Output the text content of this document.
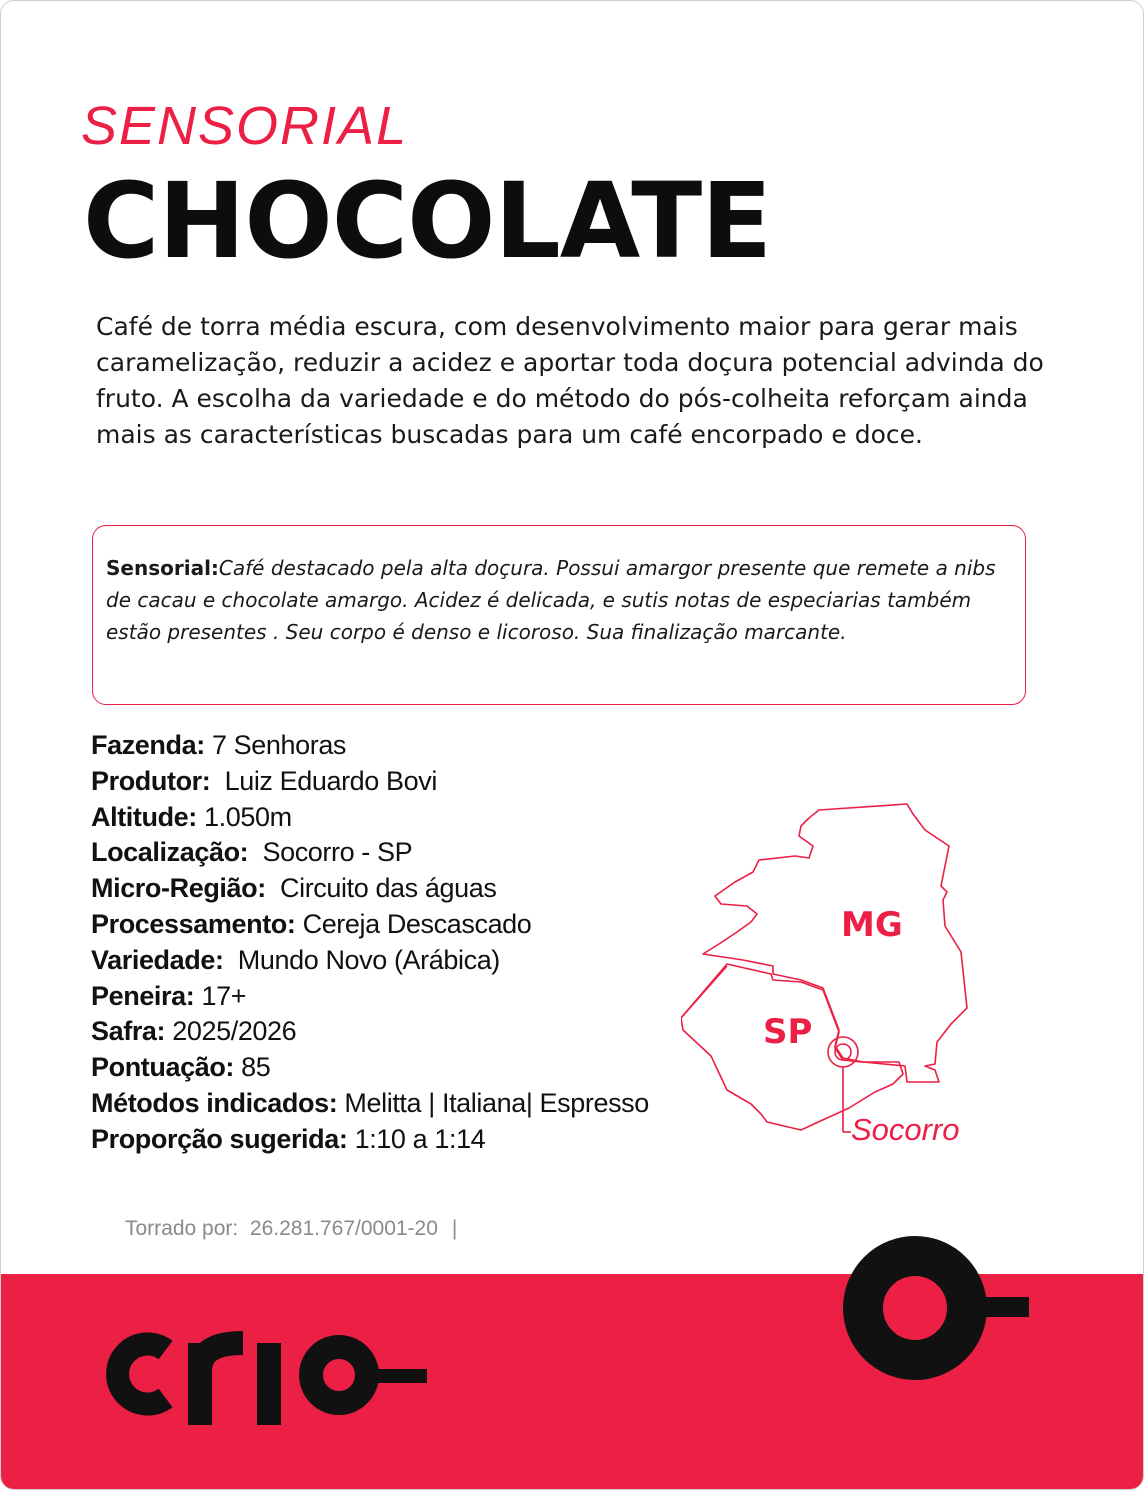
SENSORIAL
CHOCOLATE

Café de torra média escura, com desenvolvimento maior para gerar mais caramelização, reduzir a acidez e aportar toda doçura potencial advinda do fruto. A escolha da variedade e do método do pós-colheita reforçam ainda mais as características buscadas para um café encorpado e doce.

Sensorial:Café destacado pela alta doçura. Possui amargor presente que remete a nibs de cacau e chocolate amargo. Acidez é delicada, e sutis notas de especiarias também estão presentes . Seu corpo é denso e licoroso. Sua finalização marcante.

Fazenda: 7 Senhoras
Produtor: Luiz Eduardo Bovi
Altitude: 1.050m
Localização: Socorro - SP
Micro-Região: Circuito das águas
Processamento: Cereja Descascado
Variedade: Mundo Novo (Arábica)
Peneira: 17+
Safra: 2025/2026
Pontuação: 85
Métodos indicados: Melitta | Italiana| Espresso
Proporção sugerida: 1:10 a 1:14
MG
SP
Socorro
Torrado por: 26.281.767/0001-20 |
